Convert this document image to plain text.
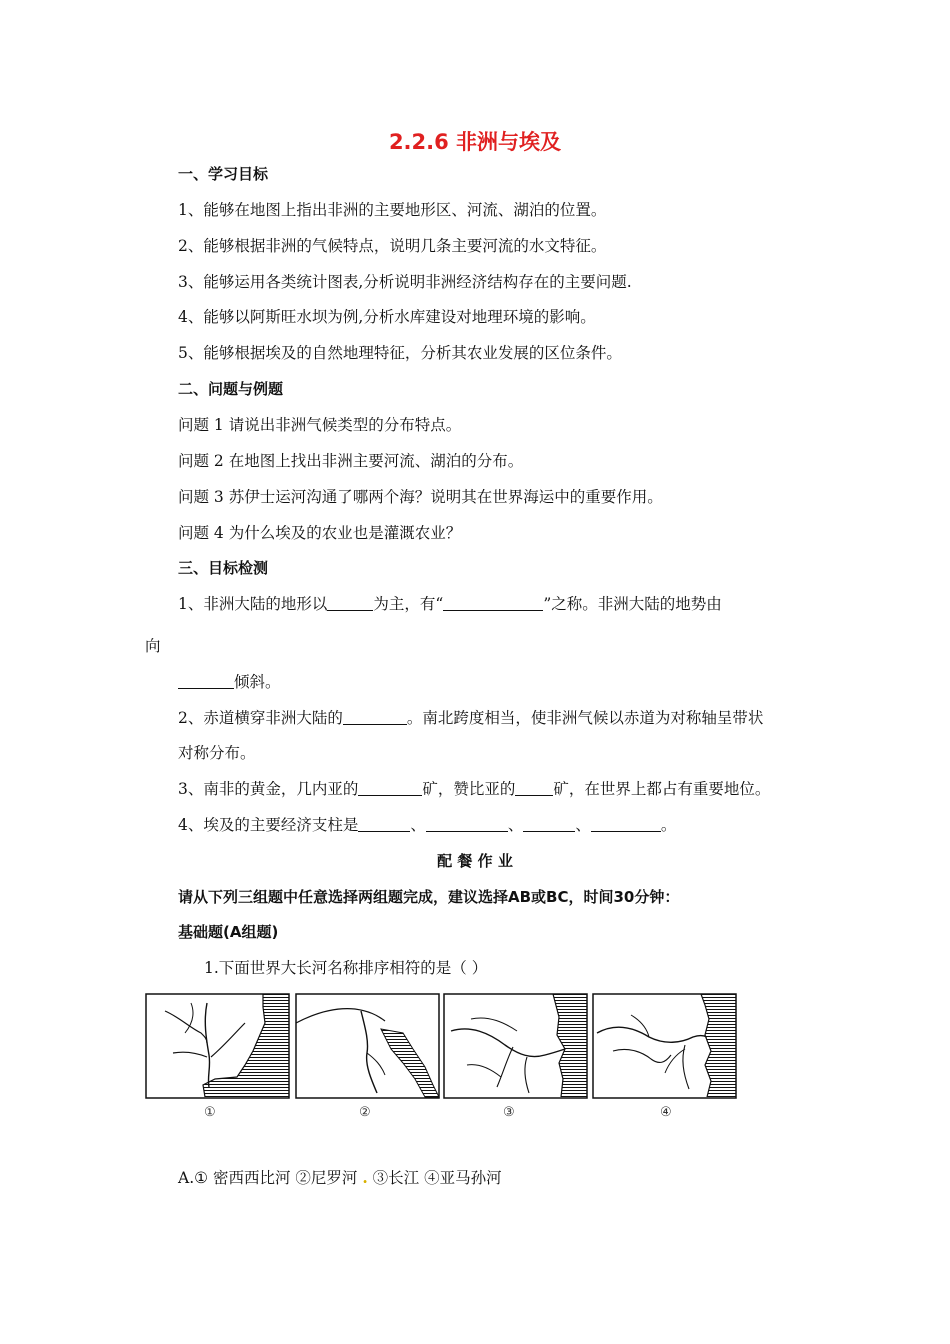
2.2.6 非洲与埃及
一、学习目标
1、能够在地图上指出非洲的主要地形区、河流、湖泊的位置。
2、能够根据非洲的气候特点，说明几条主要河流的水文特征。
3、能够运用各类统计图表,分析说明非洲经济结构存在的主要问题.
4、能够以阿斯旺水坝为例,分析水库建设对地理环境的影响。
5、能够根据埃及的自然地理特征，分析其农业发展的区位条件。
二、问题与例题
问题 1 请说出非洲气候类型的分布特点。
问题 2 在地图上找出非洲主要河流、湖泊的分布。
问题 3 苏伊士运河沟通了哪两个海？说明其在世界海运中的重要作用。
问题 4 为什么埃及的农业也是灌溉农业？
三、目标检测
1、非洲大陆的地形以	为主，有“	”之称。非洲大陆的地势由
向
倾斜。
2、赤道横穿非洲大陆的	。南北跨度相当，使非洲气候以赤道为对称轴呈带状
对称分布。
3、南非的黄金，几内亚的	矿，赞比亚的 矿，在世界上都占有重要地位。
4、埃及的主要经济支柱是	、	、	、	。
配 餐 作 业
请从下列三组题中任意选择两组题完成，建议选择AB或BC，时间30分钟：
基础题(A组题)
1.下面世界大长河名称排序相符的是（ ）
①	②	③	④
A.① 密西西比河 ②尼罗河 . ③长江 ④亚马孙河
